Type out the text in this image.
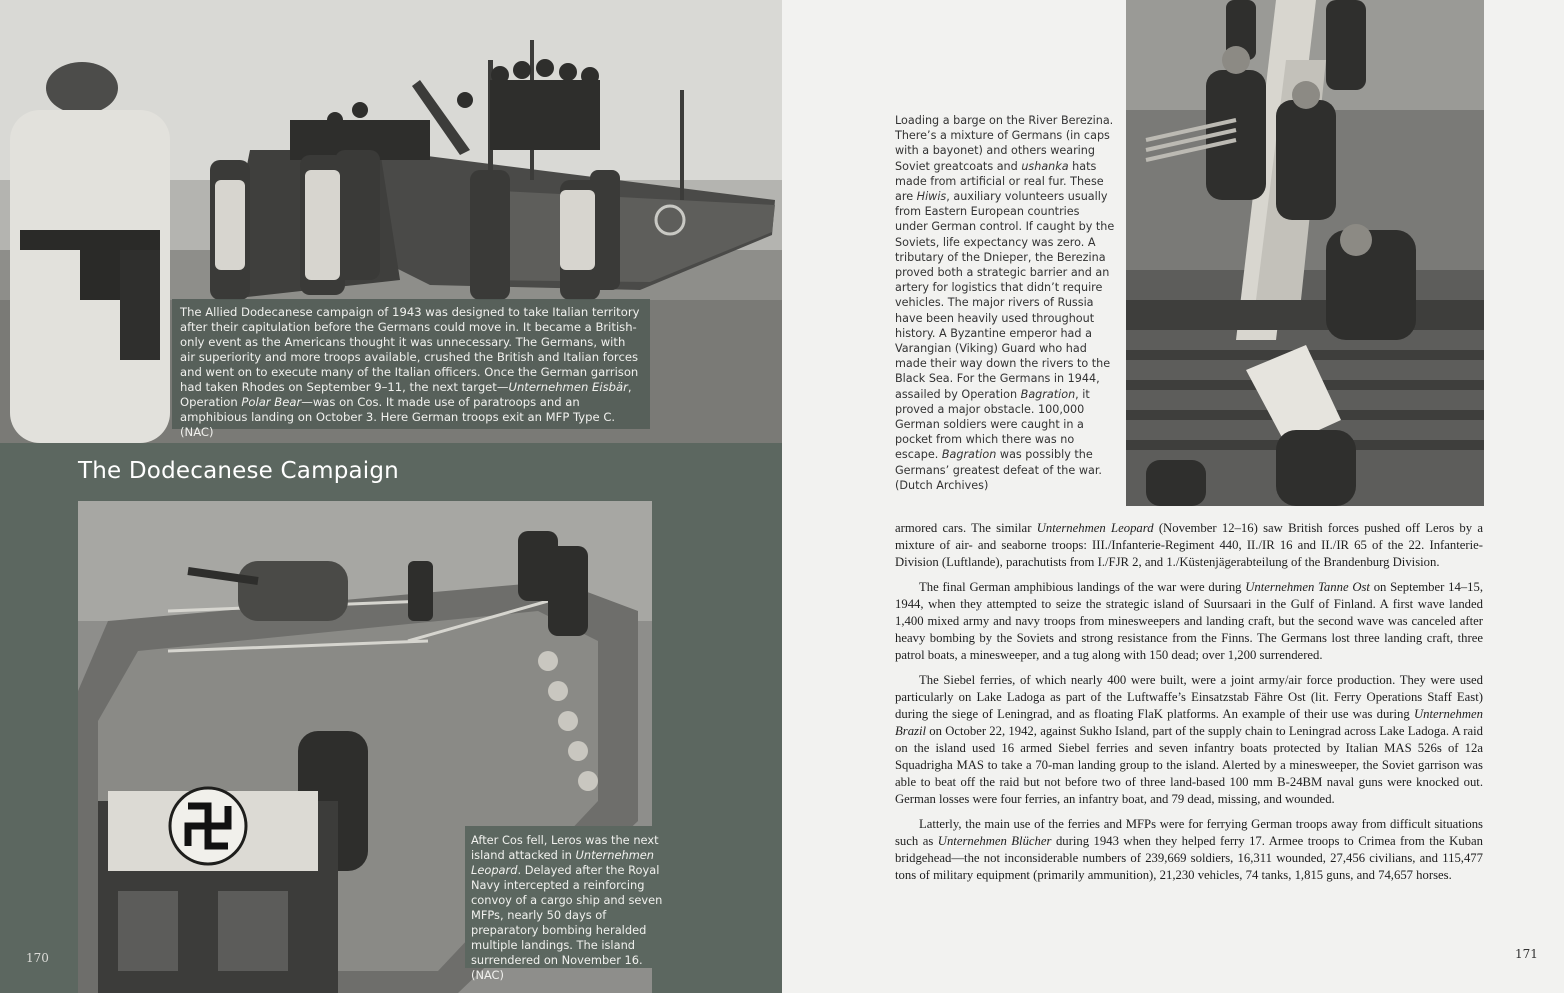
The Allied Dodecanese campaign of 1943 was designed to take Italian territory after their capitulation before the Germans could move in. It became a British-only event as the Americans thought it was unnecessary. The Germans, with air superiority and more troops available, crushed the British and Italian forces and went on to execute many of the Italian officers. Once the German garrison had taken Rhodes on September 9–11, the next target—Unternehmen Eisbär, Operation Polar Bear—was on Cos. It made use of paratroops and an amphibious landing on October 3. Here German troops exit an MFP Type C. (NAC)

The Dodecanese Campaign

After Cos fell, Leros was the next island attacked in Unternehmen Leopard. Delayed after the Royal Navy intercepted a reinforcing convoy of a cargo ship and seven MFPs, nearly 50 days of preparatory bombing heralded multiple landings. The island surrendered on November 16. (NAC)

170

Loading a barge on the River Berezina. There’s a mixture of Germans (in caps with a bayonet) and others wearing Soviet greatcoats and ushanka hats made from artificial or real fur. These are Hiwis, auxiliary volunteers usually from Eastern European countries under German control. If caught by the Soviets, life expectancy was zero. A tributary of the Dnieper, the Berezina proved both a strategic barrier and an artery for logistics that didn’t require vehicles. The major rivers of Russia have been heavily used throughout history. A Byzantine emperor had a Varangian (Viking) Guard who had made their way down the rivers to the Black Sea. For the Germans in 1944, assailed by Operation Bagration, it proved a major obstacle. 100,000 German soldiers were caught in a pocket from which there was no escape. Bagration was possibly the Germans’ greatest defeat of the war. (Dutch Archives)

armored cars. The similar Unternehmen Leopard (November 12–16) saw British forces pushed off Leros by a mixture of air- and seaborne troops: III./Infanterie-Regiment 440, II./IR 16 and II./IR 65 of the 22. Infanterie-Division (Luftlande), parachutists from I./FJR 2, and 1./Küstenjägerabteilung of the Brandenburg Division.

The final German amphibious landings of the war were during Unternehmen Tanne Ost on September 14–15, 1944, when they attempted to seize the strategic island of Suursaari in the Gulf of Finland. A first wave landed 1,400 mixed army and navy troops from minesweepers and landing craft, but the second wave was canceled after heavy bombing by the Soviets and strong resistance from the Finns. The Germans lost three landing craft, three patrol boats, a minesweeper, and a tug along with 150 dead; over 1,200 surrendered.

The Siebel ferries, of which nearly 400 were built, were a joint army/air force production. They were used particularly on Lake Ladoga as part of the Luftwaffe’s Einsatzstab Fähre Ost (lit. Ferry Operations Staff East) during the siege of Leningrad, and as floating FlaK platforms. An example of their use was during Unternehmen Brazil on October 22, 1942, against Sukho Island, part of the supply chain to Leningrad across Lake Ladoga. A raid on the island used 16 armed Siebel ferries and seven infantry boats protected by Italian MAS 526s of 12a Squadrigha MAS to take a 70-man landing group to the island. Alerted by a minesweeper, the Soviet garrison was able to beat off the raid but not before two of three land-based 100 mm B-24BM naval guns were knocked out. German losses were four ferries, an infantry boat, and 79 dead, missing, and wounded.

Latterly, the main use of the ferries and MFPs were for ferrying German troops away from difficult situations such as Unternehmen Blücher during 1943 when they helped ferry 17. Armee troops to Crimea from the Kuban bridgehead—the not inconsiderable numbers of 239,669 soldiers, 16,311 wounded, 27,456 civilians, and 115,477 tons of military equipment (primarily ammunition), 21,230 vehicles, 74 tanks, 1,815 guns, and 74,657 horses.

171
